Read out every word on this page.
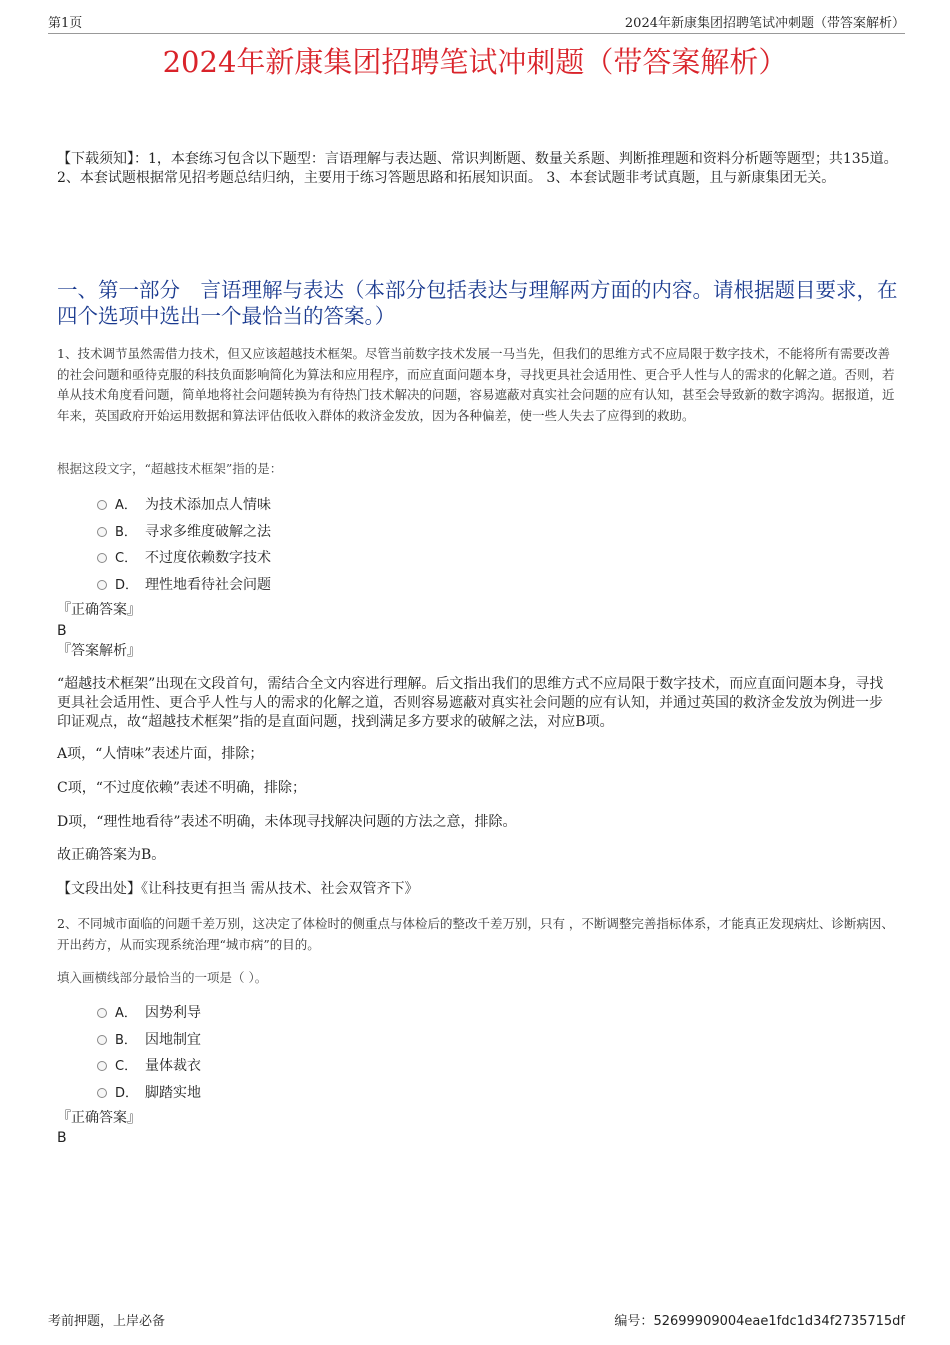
第1页	2024年新康集团招聘笔试冲刺题（带答案解析）
2024年新康集团招聘笔试冲刺题（带答案解析）
【下载须知】：1，本套练习包含以下题型：言语理解与表达题、常识判断题、数量关系题、判断推理题和资料分析题等题型；共135道。 2、本套试题根据常见招考题总结归纳，主要用于练习答题思路和拓展知识面。 3、本套试题非考试真题，且与新康集团无关。
一、第一部分　言语理解与表达（本部分包括表达与理解两方面的内容。请根据题目要求，在四个选项中选出一个最恰当的答案。）
1、技术调节虽然需借力技术，但又应该超越技术框架。尽管当前数字技术发展一马当先，但我们的思维方式不应局限于数字技术，不能将所有需要改善的社会问题和亟待克服的科技负面影响简化为算法和应用程序，而应直面问题本身，寻找更具社会适用性、更合乎人性与人的需求的化解之道。否则，若单从技术角度看问题，简单地将社会问题转换为有待热门技术解决的问题，容易遮蔽对真实社会问题的应有认知，甚至会导致新的数字鸿沟。据报道，近年来，英国政府开始运用数据和算法评估低收入群体的救济金发放，因为各种偏差，使一些人失去了应得到的救助。
根据这段文字，“超越技术框架”指的是：
A． 为技术添加点人情味
B． 寻求多维度破解之法
C． 不过度依赖数字技术
D． 理性地看待社会问题
『正确答案』
B
『答案解析』
“超越技术框架”出现在文段首句，需结合全文内容进行理解。后文指出我们的思维方式不应局限于数字技术，而应直面问题本身，寻找更具社会适用性、更合乎人性与人的需求的化解之道，否则容易遮蔽对真实社会问题的应有认知，并通过英国的救济金发放为例进一步印证观点，故“超越技术框架”指的是直面问题，找到满足多方要求的破解之法，对应B项。
A项，“人情味”表述片面，排除；
C项，“不过度依赖”表述不明确，排除；
D项，“理性地看待”表述不明确，未体现寻找解决问题的方法之意，排除。
故正确答案为B。
【文段出处】《让科技更有担当 需从技术、社会双管齐下》
2、不同城市面临的问题千差万别，这决定了体检时的侧重点与体检后的整改千差万别，只有 ，不断调整完善指标体系，才能真正发现病灶、诊断病因、开出药方，从而实现系统治理“城市病”的目的。
填入画横线部分最恰当的一项是（ ）。
A． 因势利导
B． 因地制宜
C． 量体裁衣
D． 脚踏实地
『正确答案』
B
考前押题，上岸必备	编号：52699909004eae1fdc1d34f2735715df
